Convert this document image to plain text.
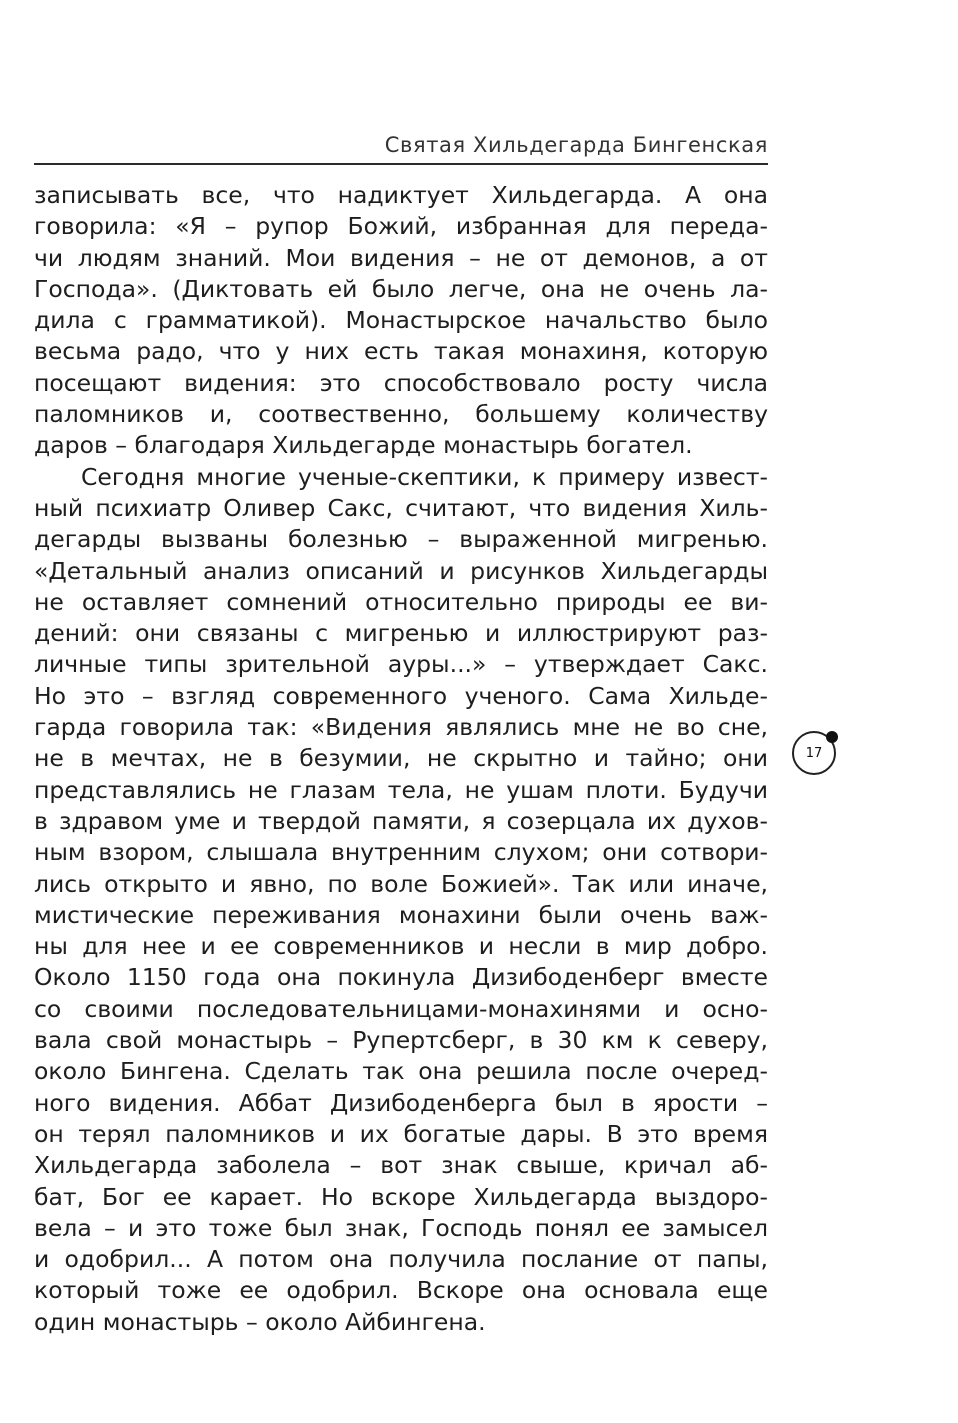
Святая Хильдегарда Бингенская
записывать все, что надиктует Хильдегарда. А она
говорила: «Я – рупор Божий, избранная для переда-
чи людям знаний. Мои видения – не от демонов, а от
Господа». (Диктовать ей было легче, она не очень ла-
дила с грамматикой). Монастырское начальство было
весьма радо, что у них есть такая монахиня, которую
посещают видения: это способствовало росту числа
паломников и, соотвественно, большему количеству
даров – благодаря Хильдегарде монастырь богател.
Сегодня многие ученые-скептики, к примеру извест-
ный психиатр Оливер Сакс, считают, что видения Хиль-
дегарды вызваны болезнью – выраженной мигренью.
«Детальный анализ описаний и рисунков Хильдегарды
не оставляет сомнений относительно природы ее ви-
дений: они связаны с мигренью и иллюстрируют раз-
личные типы зрительной ауры...» – утверждает Сакс.
Но это – взгляд современного ученого. Сама Хильде-
гарда говорила так: «Видения являлись мне не во сне,
не в мечтах, не в безумии, не скрытно и тайно; они
представлялись не глазам тела, не ушам плоти. Будучи
в здравом уме и твердой памяти, я созерцала их духов-
ным взором, слышала внутренним слухом; они сотвори-
лись открыто и явно, по воле Божией». Так или иначе,
мистические переживания монахини были очень важ-
ны для нее и ее современников и несли в мир добро.
Около 1150 года она покинула Дизибоденберг вместе
со своими последовательницами-монахинями и осно-
вала свой монастырь – Рупертсберг, в 30 км к северу,
около Бингена. Сделать так она решила после очеред-
ного видения. Аббат Дизибоденберга был в ярости –
он терял паломников и их богатые дары. В это время
Хильдегарда заболела – вот знак свыше, кричал аб-
бат, Бог ее карает. Но вскоре Хильдегарда выздоро-
вела – и это тоже был знак, Господь понял ее замысел
и одобрил... А потом она получила послание от папы,
который тоже ее одобрил. Вскоре она основала еще
один монастырь – около Айбингена.
17
